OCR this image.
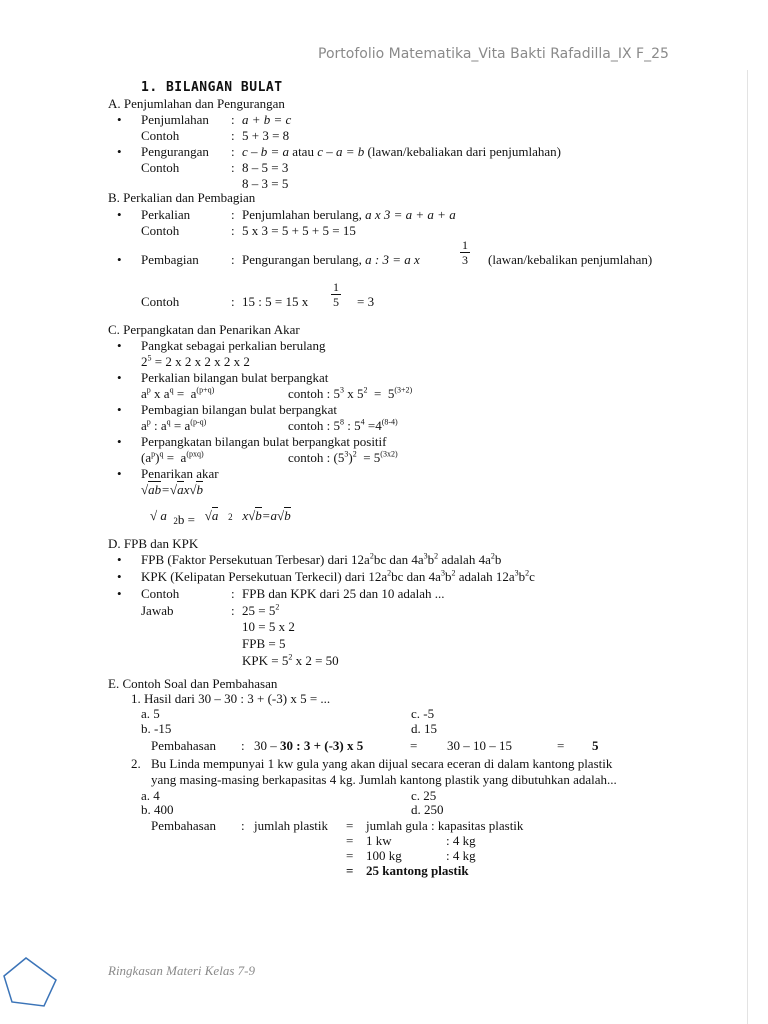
Portofolio Matematika_Vita Bakti Rafadilla_IX F_25
1. BILANGAN BULAT
A. Penjumlahan dan Pengurangan
• Penjumlahan : a + b = c
Contoh	: 5 + 3 = 8
• Pengurangan : c – b = a atau c – a = b (lawan/kebaliakan dari penjumlahan)
Contoh	: 8 – 5 = 3
8 – 3 = 5
B. Perkalian dan Pembagian
• Perkalian	: Penjumlahan berulang, a x 3 = a + a + a
Contoh	: 5 x 3 = 5 + 5 + 5 = 15
• Pembagian : Pengurangan berulang, a : 3 = a x	$\frac{1}{3}$ (lawan/kebalikan penjumlahan)
Contoh	: 15 : 5 = 15 x $\frac{1}{5} = 3$
C. Perpangkatan dan Penarikan Akar
• Pangkat sebagai perkalian berulang
$2^5 = 2$ x 2 x 2 x 2 x 2
• Perkalian bilangan bulat berpangkat
$a^p$ x $a^q = a^{(p+q)}$	contoh : $5^3$ x $5^2 = 5^{(3+2)}$
• Pembagian bilangan bulat berpangkat
$a^p$ : $a^q = a^{(p-q)}$	contoh : $5^8$ : $5^4 =4^{(8-4)}$
• Perpangkatan bilangan bulat berpangkat positif
$(a^p)^q = a^{(pxq)}$	contoh : $(5^3)^2 = 5^{(3x2)}$
• Penarikan akar
√ab=√ax√b
√ a  $_2$b =   √a 2   x√b=a√b
D. FPB dan KPK
• FPB (Faktor Persekutuan Terbesar) dari $12a^2bc$ dan $4a^3b^2$ adalah $4a^2b$
• KPK (Kelipatan Persekutuan Terkecil) dari $12a^2bc$ dan $4a^3b^2$ adalah $12a^3b^2c$
• Contoh	: FPB dan KPK dari 25 dan 10 adalah ...
Jawab	: $25 = 5^2$
10 = 5 x 2
FPB = 5
KPK = $5^2$ x 2 = 50
E. Contoh Soal dan Pembahasan
1. Hasil dari 30 – 30 : 3 + (-3) x 5 = ...
a. 5	c. -5
b. -15	d. 15
Pembahasan : 30 – 30 : 3 + (-3) x 5	= 30 – 10 – 15	= 5
2. Bu Linda mempunyai 1 kw gula yang akan dijual secara eceran di dalam kantong plastik
yang masing-masing berkapasitas 4 kg. Jumlah kantong plastik yang dibutuhkan adalah...
a. 4	c. 25
b. 400	d. 250
Pembahasan : jumlah plastik = jumlah gula : kapasitas plastik
= 1 kw	: 4 kg
= 100 kg	: 4 kg
= 25 kantong plastik
Ringkasan Materi Kelas 7-9
